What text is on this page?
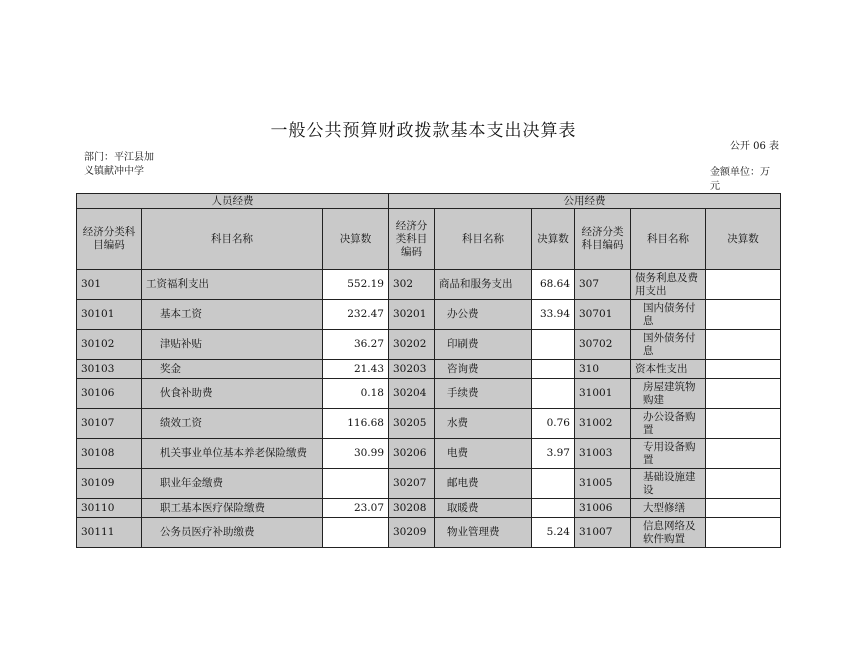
一般公共预算财政拨款基本支出决算表
公开 06 表
部门：平江县加义镇献冲中学	金额单位：万元
人员经费			公用经费					
经济分类科目编码	科目名称	决算数	经济分类科目编码	科目名称	决算数	经济分类科目编码	科目名称	决算数
301	工资福利支出	552.19	302	商品和服务支出	68.64	307	债务利息及费用支出	
30101	基本工资	232.47	30201	办公费	33.94	30701	国内债务付息	
30102	津贴补贴	36.27	30202	印刷费		30702	国外债务付息	
30103	奖金	21.43	30203	咨询费		310	资本性支出	
30106	伙食补助费	0.18	30204	手续费		31001	房屋建筑物购建	
30107	绩效工资	116.68	30205	水费	0.76	31002	办公设备购置	
30108	机关事业单位基本养老保险缴费	30.99	30206	电费	3.97	31003	专用设备购置	
30109	职业年金缴费		30207	邮电费		31005	基础设施建设	
30110	职工基本医疗保险缴费	23.07	30208	取暖费		31006	大型修缮	
30111	公务员医疗补助缴费		30209	物业管理费	5.24	31007	信息网络及软件购置	
